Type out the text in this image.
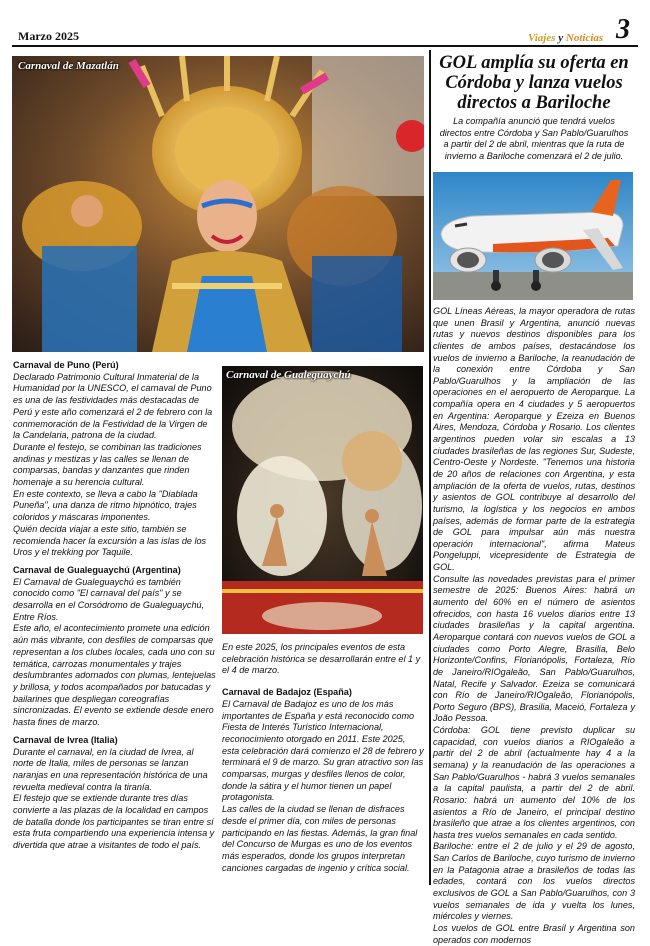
Marzo 2025	Viajes y Noticias 3
Carnaval de Mazatlán
Carnaval de Gualeguaychú

Carnaval de Puno (Perú)

Declarado Patrimonio Cultural Inmaterial de la Humanidad por la UNESCO, el carnaval de Puno es una de las festividades más destacadas de Perú y este año comenzará el 2 de febrero con la conmemoración de la Festividad de la Virgen de la Candelaria, patrona de la ciudad.

Durante el festejo, se combinan las tradiciones andinas y mestizas y las calles se llenan de comparsas, bandas y danzantes que rinden homenaje a su herencia cultural.

En este contexto, se lleva a cabo la "Diablada Puneña", una danza de ritmo hipnótico, trajes coloridos y máscaras imponentes.

Quién decida viajar a este sitio, también se recomienda hacer la excursión a las islas de los Uros y el trekking por Taquile.

Carnaval de Gualeguaychú (Argentina)

El Carnaval de Gualeguaychú es también conocido como "El carnaval del país" y se desarrolla en el Corsódromo de Gualeguaychú, Entre Ríos.

Este año, el acontecimiento promete una edición aún más vibrante, con desfiles de comparsas que representan a los clubes locales, cada uno con su temática, carrozas monumentales y trajes deslumbrantes adornados con plumas, lentejuelas y brillosa, y todos acompañados por batucadas y bailarines que despliegan coreografías sincronizadas. El evento se extiende desde enero hasta fines de marzo.

Carnaval de Ivrea (Italia)

Durante el carnaval, en la ciudad de Ivrea, al norte de Italia, miles de personas se lanzan naranjas en una representación histórica de una revuelta medieval contra la tiranía.

El festejo que se extiende durante tres días convierte a las plazas de la localidad en campos de batalla donde los participantes se tiran entre sí esta fruta compartiendo una experiencia intensa y divertida que atrae a visitantes de todo el país.

En este 2025, los principales eventos de esta celebración histórica se desarrollarán entre el 1 y el 4 de marzo.

Carnaval de Badajoz (España)

El Carnaval de Badajoz es uno de los más importantes de España y está reconocido como Fiesta de Interés Turístico Internacional, reconocimiento otorgado en 2011. Este 2025, esta celebración dará comienzo el 28 de febrero y terminará el 9 de marzo. Su gran atractivo son las comparsas, murgas y desfiles llenos de color, donde la sátira y el humor tienen un papel protagonista.

Las calles de la ciudad se llenan de disfraces desde el primer día, con miles de personas participando en las fiestas. Además, la gran final del Concurso de Murgas es uno de los eventos más esperados, donde los grupos interpretan canciones cargadas de ingenio y crítica social.

GOL amplía su oferta en Córdoba y lanza vuelos directos a Bariloche
La compañía anunció que tendrá vuelos directos entre Córdoba y San Pablo/Guarulhos a partir del 2 de abril, mientras que la ruta de invierno a Bariloche comenzará el 2 de julio.

GOL Líneas Aéreas, la mayor operadora de rutas que unen Brasil y Argentina, anunció nuevas rutas y nuevos destinos disponibles para los clientes de ambos países, destacándose los vuelos de invierno a Bariloche, la reanudación de la conexión entre Córdoba y San Pablo/Guarulhos y la ampliación de las operaciones en el aeropuerto de Aeroparque. La compañía opera en 4 ciudades y 5 aeropuertos en Argentina: Aeroparque y Ezeiza en Buenos Aires, Mendoza, Córdoba y Rosario. Los clientes argentinos pueden volar sin escalas a 13 ciudades brasileñas de las regiones Sur, Sudeste, Centro-Oeste y Nordeste. "Tenemos una historia de 20 años de relaciones con Argentina, y esta ampliación de la oferta de vuelos, rutas, destinos y asientos de GOL contribuye al desarrollo del turismo, la logística y los negocios en ambos países, además de formar parte de la estrategia de GOL para impulsar aún más nuestra operación internacional", afirma Mateus Pongeluppi, vicepresidente de Estrategia de GOL.

Consulte las novedades previstas para el primer semestre de 2025: Buenos Aires: habrá un aumento del 60% en el número de asientos ofrecidos, con hasta 16 vuelos diarios entre 13 ciudades brasileñas y la capital argentina. Aeroparque contará con nuevos vuelos de GOL a ciudades como Porto Alegre, Brasilia, Belo Horizonte/Confins, Florianópolis, Fortaleza, Río de Janeiro/RIOgaleão, San Pablo/Guarulhos, Natal, Recife y Salvador. Ezeiza se comunicará con Río de Janeiro/RIOgaleão, Florianópolis, Porto Seguro (BPS), Brasilia, Maceió, Fortaleza y João Pessoa.

Córdoba: GOL tiene previsto duplicar su capacidad, con vuelos diarios a RIOgaleão a partir del 2 de abril (actualmente hay 4 a la semana) y la reanudación de las operaciones a San Pablo/Guarulhos - habrá 3 vuelos semanales a la capital paulista, a partir del 2 de abril. Rosario: habrá un aumento del 10% de los asientos a Río de Janeiro, el principal destino brasileño que atrae a los clientes argentinos, con hasta tres vuelos semanales en cada sentido.

Bariloche: entre el 2 de julio y el 29 de agosto, San Carlos de Bariloche, cuyo turismo de invierno en la Patagonia atrae a brasileños de todas las edades, contará con los vuelos directos exclusivos de GOL a San Pablo/Guarulhos, con 3 vuelos semanales de ida y vuelta los lunes, miércoles y viernes.

Los vuelos de GOL entre Brasil y Argentina son operados con modernos
